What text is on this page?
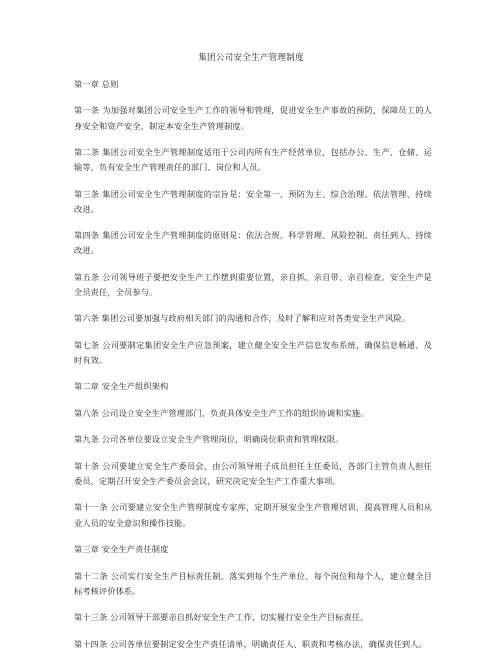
集团公司安全生产管理制度
第一章 总则

第一条 为加强对集团公司安全生产工作的领导和管理，促进安全生产事故的预防，保障员工的人身安全和资产安全，制定本安全生产管理制度。

第二条 集团公司安全生产管理制度适用于公司内所有生产经营单位，包括办公、生产、仓储、运输等，负有安全生产管理责任的部门、岗位和人员。

第三条 集团公司安全生产管理制度的宗旨是：安全第一、预防为主、综合治理、依法管理、持续改进。

第四条 集团公司安全生产管理制度的原则是：依法合规、科学管理、风险控制、责任到人、持续改进。

第五条 公司领导班子要把安全生产工作摆到重要位置，亲自抓、亲自带、亲自检查。安全生产是全员责任，全员参与。

第六条 集团公司要加强与政府相关部门的沟通和合作，及时了解和应对各类安全生产风险。

第七条 公司要制定集团安全生产应急预案，建立健全安全生产信息发布系统，确保信息畅通、及时有效。

第二章 安全生产组织架构

第八条 公司设立安全生产管理部门，负责具体安全生产工作的组织协调和实施。

第九条 公司各单位要设立安全生产管理岗位，明确岗位职责和管理权限。

第十条 公司要建立安全生产委员会，由公司领导班子成员担任主任委员，各部门主管负责人担任委员，定期召开安全生产委员会会议，研究决定安全生产工作重大事项。

第十一条 公司要建立安全生产管理制度专家库，定期开展安全生产管理培训，提高管理人员和从业人员的安全意识和操作技能。

第三章 安全生产责任制度

第十二条 公司实行安全生产目标责任制，落实到每个生产单位、每个岗位和每个人，建立健全目标考核评价体系。

第十三条 公司领导干部要亲自抓好安全生产工作，切实履行安全生产目标责任。

第十四条 公司各单位要制定安全生产责任清单，明确责任人、职责和考核办法，确保责任到人。
